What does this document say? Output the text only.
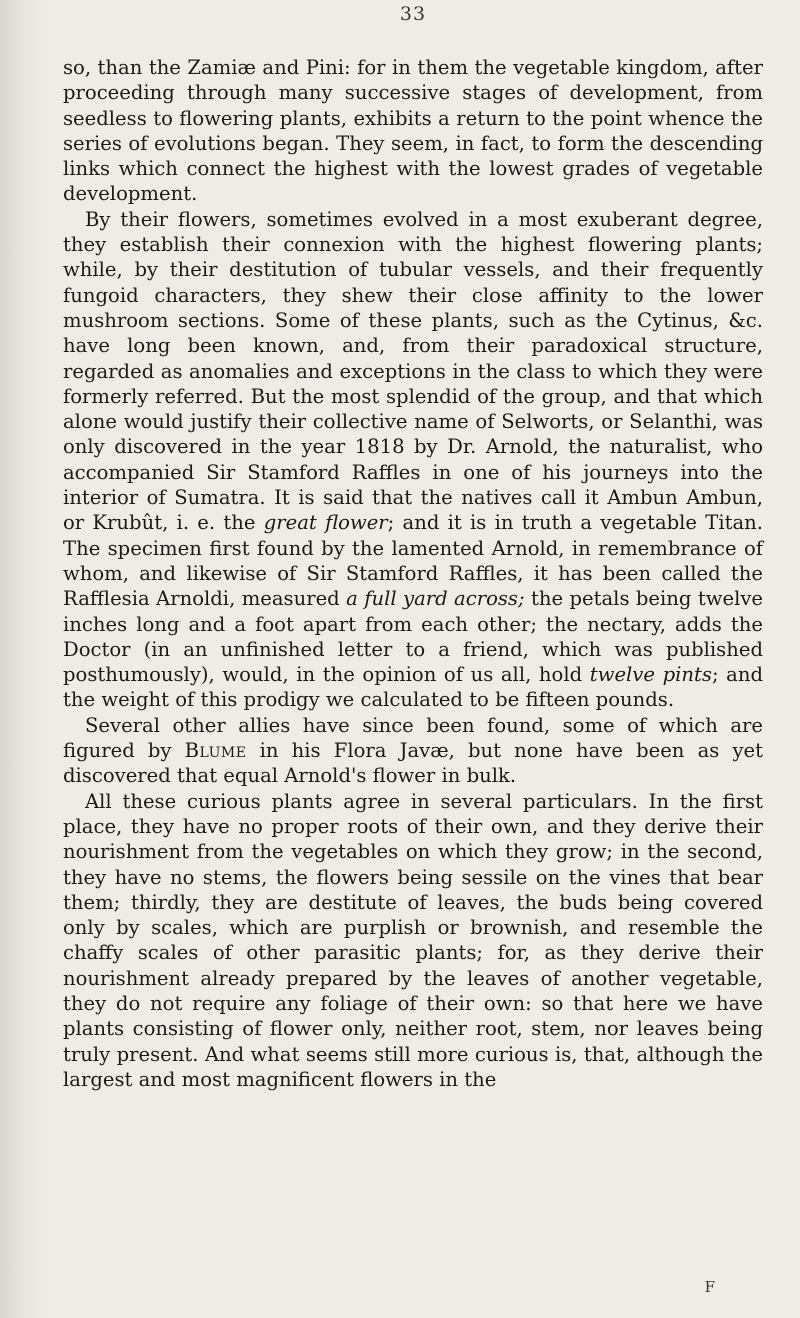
33

so, than the Zamiæ and Pini: for in them the vegetable kingdom, after proceeding through many successive stages of development, from seedless to flowering plants, exhibits a return to the point whence the series of evolutions began. They seem, in fact, to form the descending links which connect the highest with the lowest grades of vegetable development.

By their flowers, sometimes evolved in a most exuberant degree, they establish their connexion with the highest flowering plants; while, by their destitution of tubular vessels, and their frequently fungoid characters, they shew their close affinity to the lower mushroom sections. Some of these plants, such as the Cytinus, &c. have long been known, and, from their paradoxical structure, regarded as anomalies and exceptions in the class to which they were formerly referred. But the most splendid of the group, and that which alone would justify their collective name of Selworts, or Selanthi, was only discovered in the year 1818 by Dr. Arnold, the naturalist, who accompanied Sir Stamford Raffles in one of his journeys into the interior of Sumatra. It is said that the natives call it Ambun Ambun, or Krubût, i. e. the great flower; and it is in truth a vegetable Titan. The specimen first found by the lamented Arnold, in remembrance of whom, and likewise of Sir Stamford Raffles, it has been called the Rafflesia Arnoldi, measured a full yard across; the petals being twelve inches long and a foot apart from each other; the nectary, adds the Doctor (in an unfinished letter to a friend, which was published posthumously), would, in the opinion of us all, hold twelve pints; and the weight of this prodigy we calculated to be fifteen pounds.

Several other allies have since been found, some of which are figured by Blume in his Flora Javæ, but none have been as yet discovered that equal Arnold's flower in bulk.

All these curious plants agree in several particulars. In the first place, they have no proper roots of their own, and they derive their nourishment from the vegetables on which they grow; in the second, they have no stems, the flowers being sessile on the vines that bear them; thirdly, they are destitute of leaves, the buds being covered only by scales, which are purplish or brownish, and resemble the chaffy scales of other parasitic plants; for, as they derive their nourishment already prepared by the leaves of another vegetable, they do not require any foliage of their own: so that here we have plants consisting of flower only, neither root, stem, nor leaves being truly present. And what seems still more curious is, that, although the largest and most magnificent flowers in the

F
